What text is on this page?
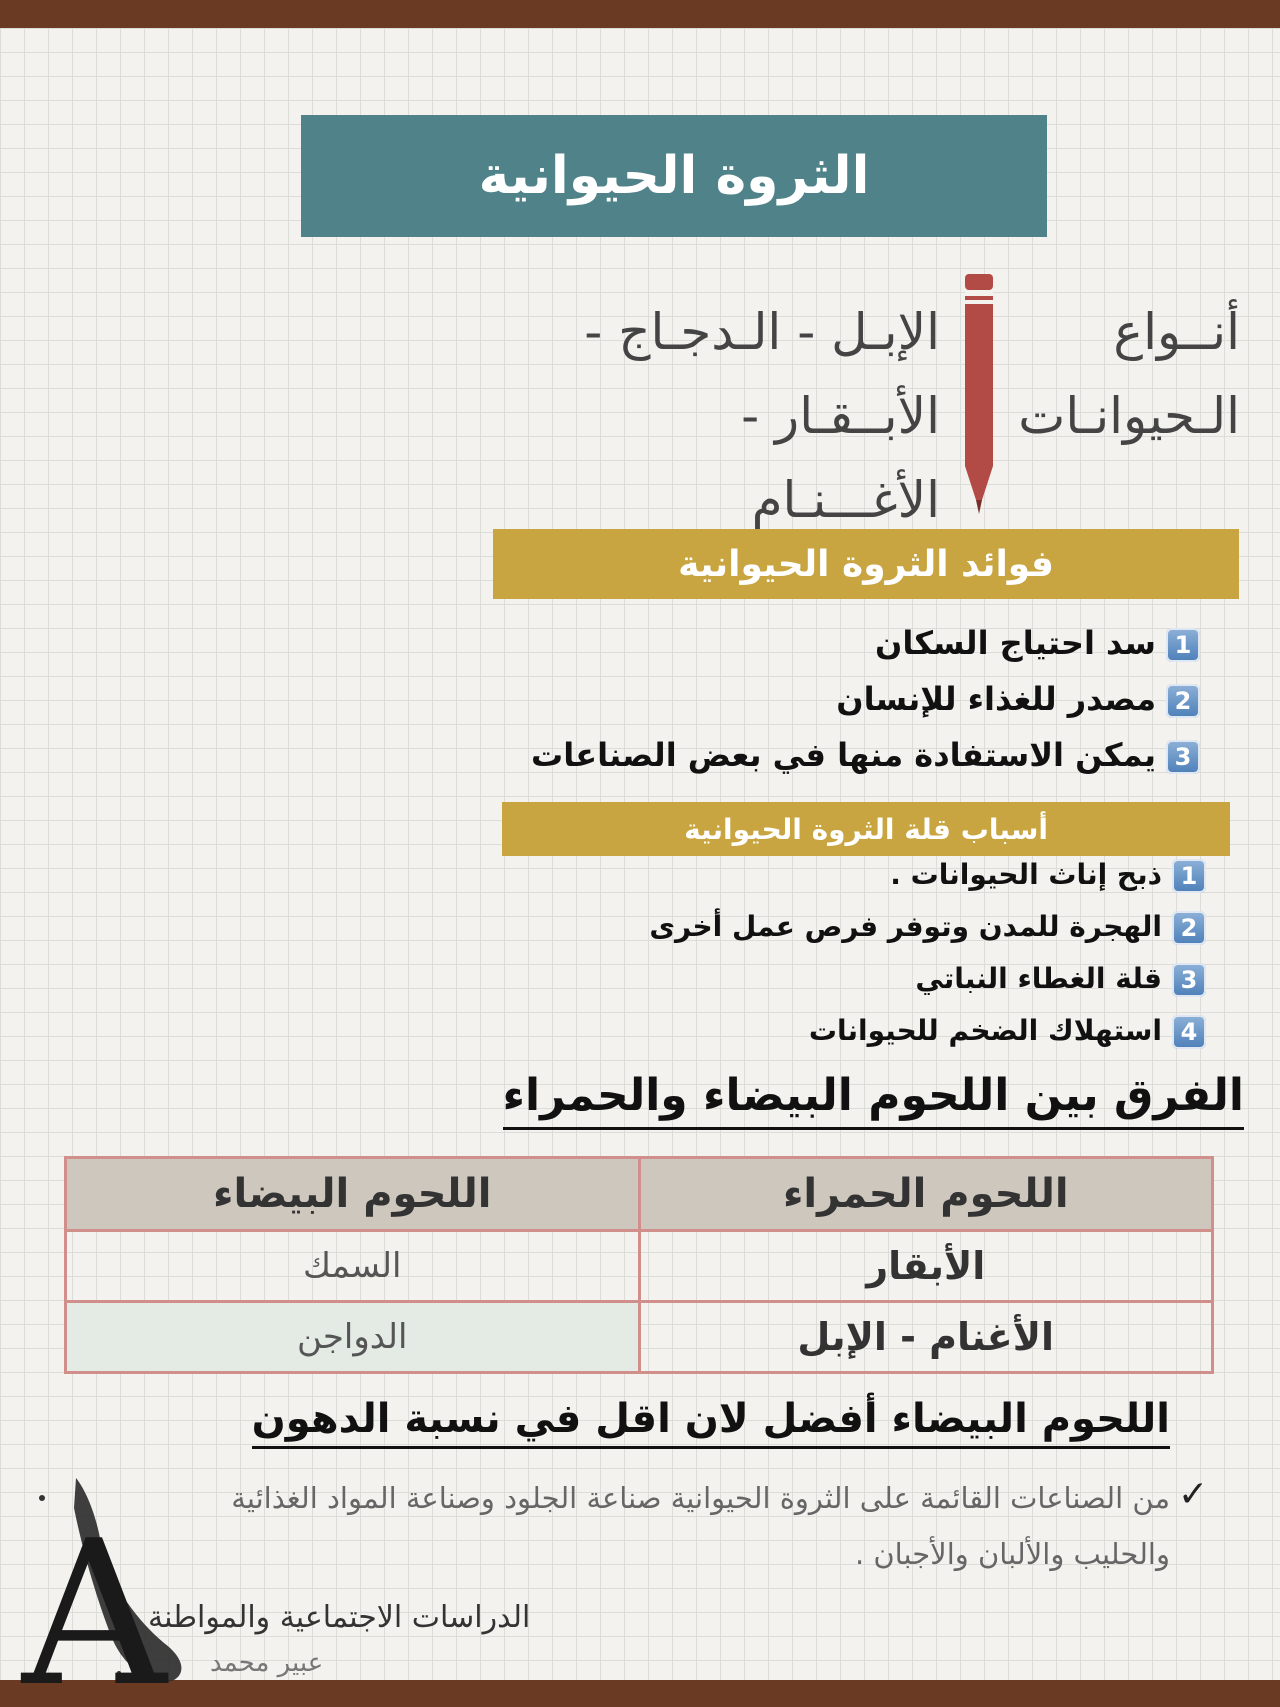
الثروة الحيوانية
أنــواع
الـحيوانـات
الإبـل - الـدجـاج -
الأبــقـار - الأغـــنـام
فوائد الثروة الحيوانية
1سد احتياج السكان
2مصدر للغذاء للإنسان
3يمكن الاستفادة منها في بعض الصناعات
أسباب قلة الثروة الحيوانية
1ذبح إناث الحيوانات .
2الهجرة للمدن وتوفر فرص عمل أخرى
3قلة الغطاء النباتي
4استهلاك الضخم للحيوانات
الفرق بين اللحوم البيضاء والحمراء
اللحوم البيضاء	اللحوم الحمراء
السمك	الأبقار
الدواجن	الأغنام - الإبل
اللحوم البيضاء أفضل لان اقل في نسبة الدهون
✓
من الصناعات القائمة على الثروة الحيوانية صناعة الجلود وصناعة المواد الغذائية
والحليب والألبان والأجبان .
A
الدراسات الاجتماعية والمواطنة
عبير محمد
